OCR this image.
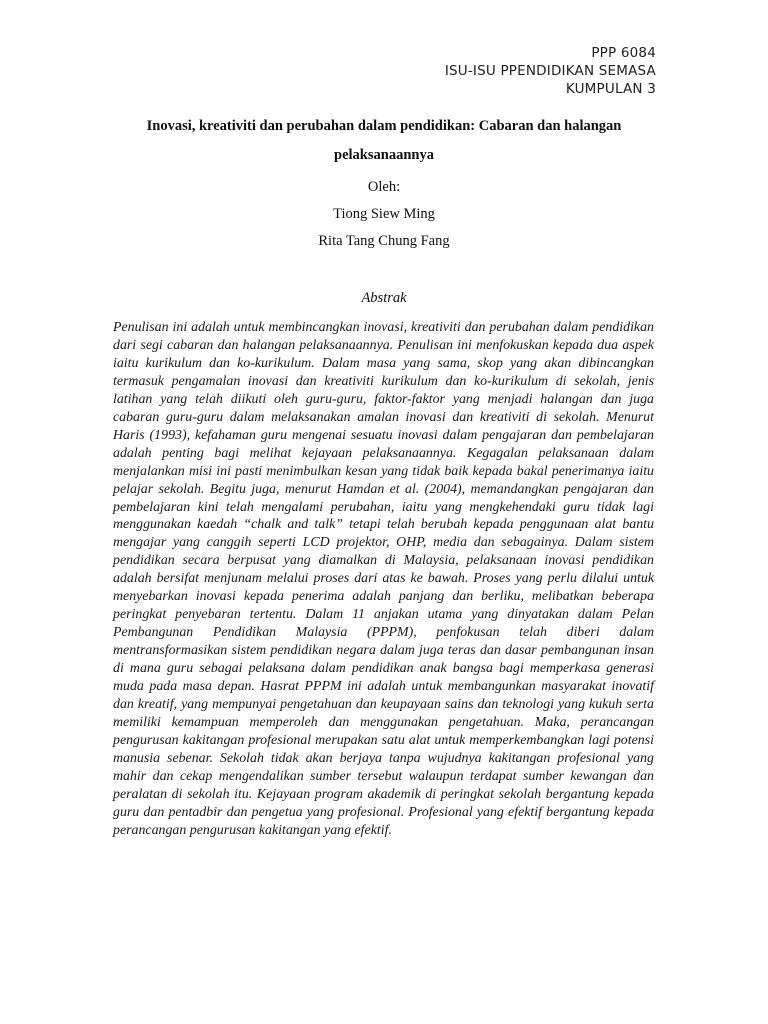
PPP 6084
ISU-ISU PPENDIDIKAN SEMASA
KUMPULAN 3
Inovasi, kreativiti dan perubahan dalam pendidikan: Cabaran dan halangan pelaksanaannya
Oleh:
Tiong Siew Ming
Rita Tang Chung Fang
Abstrak
Penulisan ini adalah untuk membincangkan inovasi, kreativiti dan perubahan dalam pendidikan dari segi cabaran dan halangan pelaksanaannya. Penulisan ini menfokuskan kepada dua aspek iaitu kurikulum dan ko-kurikulum. Dalam masa yang sama, skop yang akan dibincangkan termasuk pengamalan inovasi dan kreativiti kurikulum dan ko-kurikulum di sekolah, jenis latihan yang telah diikuti oleh guru-guru, faktor-faktor yang menjadi halangan dan juga cabaran guru-guru dalam melaksanakan amalan inovasi dan kreativiti di sekolah. Menurut Haris (1993), kefahaman guru mengenai sesuatu inovasi dalam pengajaran dan pembelajaran adalah penting bagi melihat kejayaan pelaksanaannya. Kegagalan pelaksanaan dalam menjalankan misi ini pasti menimbulkan kesan yang tidak baik kepada bakal penerimanya iaitu pelajar sekolah. Begitu juga, menurut Hamdan et al. (2004), memandangkan pengajaran dan pembelajaran kini telah mengalami perubahan, iaitu yang mengkehendaki guru tidak lagi menggunakan kaedah “chalk and talk” tetapi telah berubah kepada penggunaan alat bantu mengajar yang canggih seperti LCD projektor, OHP, media dan sebagainya. Dalam sistem pendidikan secara berpusat yang diamalkan di Malaysia, pelaksanaan inovasi pendidikan adalah bersifat menjunam melalui proses dari atas ke bawah. Proses yang perlu dilalui untuk menyebarkan inovasi kepada penerima adalah panjang dan berliku, melibatkan beberapa peringkat penyebaran tertentu. Dalam 11 anjakan utama yang dinyatakan dalam Pelan Pembangunan Pendidikan Malaysia (PPPM), penfokusan telah diberi dalam mentransformasikan sistem pendidikan negara dalam juga teras dan dasar pembangunan insan di mana guru sebagai pelaksana dalam pendidikan anak bangsa bagi memperkasa generasi muda pada masa depan. Hasrat PPPM ini adalah untuk membangunkan masyarakat inovatif dan kreatif, yang mempunyai pengetahuan dan keupayaan sains dan teknologi yang kukuh serta memiliki kemampuan memperoleh dan menggunakan pengetahuan. Maka, perancangan pengurusan kakitangan profesional merupakan satu alat untuk memperkembangkan lagi potensi manusia sebenar. Sekolah tidak akan berjaya tanpa wujudnya kakitangan profesional yang mahir dan cekap mengendalikan sumber tersebut walaupun terdapat sumber kewangan dan peralatan di sekolah itu. Kejayaan program akademik di peringkat sekolah bergantung kepada guru dan pentadbir dan pengetua yang profesional. Profesional yang efektif bergantung kepada perancangan pengurusan kakitangan yang efektif.
